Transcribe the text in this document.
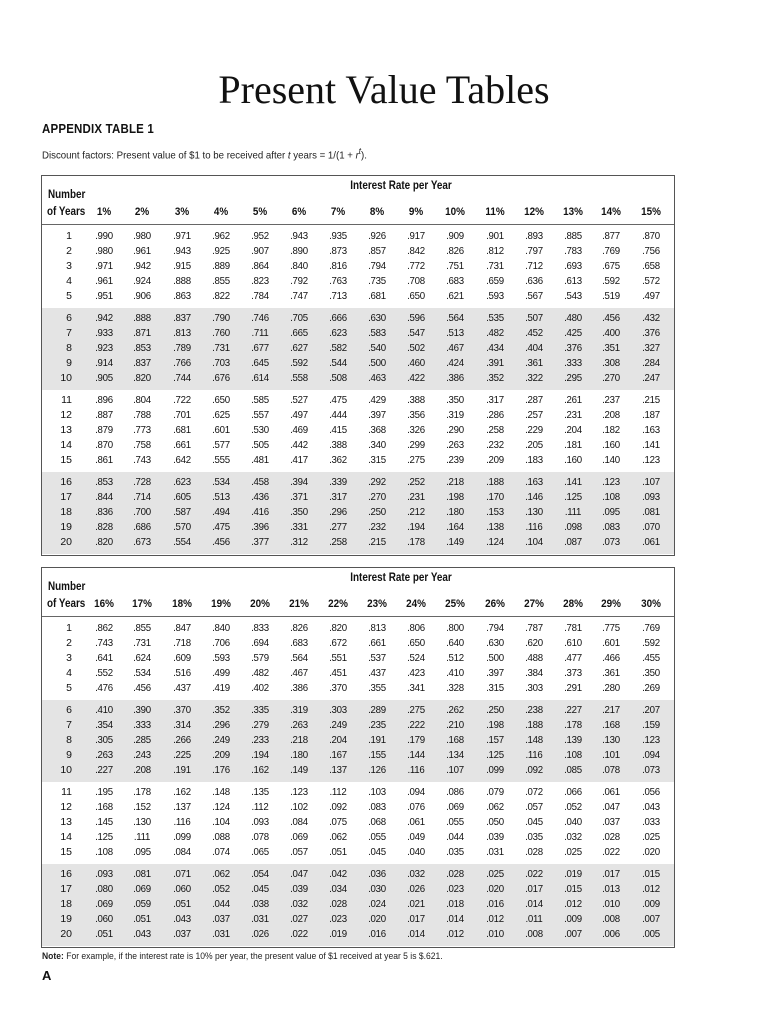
Present Value Tables
APPENDIX TABLE 1
Discount factors: Present value of $1 to be received after t years = $1/(1 + r^t)$.
Number
of Years
Interest Rate per Year
1%	2%	3%	4%	5%	6%	7%	8%	9%	10%	11%	12%	13%	14%	15%
1	.990	.980	.971	.962	.952	.943	.935	.926	.917	.909	.901	.893	.885	.877	.870
2	.980	.961	.943	.925	.907	.890	.873	.857	.842	.826	.812	.797	.783	.769	.756
3	.971	.942	.915	.889	.864	.840	.816	.794	.772	.751	.731	.712	.693	.675	.658
4	.961	.924	.888	.855	.823	.792	.763	.735	.708	.683	.659	.636	.613	.592	.572
5	.951	.906	.863	.822	.784	.747	.713	.681	.650	.621	.593	.567	.543	.519	.497
6	.942	.888	.837	.790	.746	.705	.666	.630	.596	.564	.535	.507	.480	.456	.432
7	.933	.871	.813	.760	.711	.665	.623	.583	.547	.513	.482	.452	.425	.400	.376
8	.923	.853	.789	.731	.677	.627	.582	.540	.502	.467	.434	.404	.376	.351	.327
9	.914	.837	.766	.703	.645	.592	.544	.500	.460	.424	.391	.361	.333	.308	.284
10	.905	.820	.744	.676	.614	.558	.508	.463	.422	.386	.352	.322	.295	.270	.247
11	.896	.804	.722	.650	.585	.527	.475	.429	.388	.350	.317	.287	.261	.237	.215
12	.887	.788	.701	.625	.557	.497	.444	.397	.356	.319	.286	.257	.231	.208	.187
13	.879	.773	.681	.601	.530	.469	.415	.368	.326	.290	.258	.229	.204	.182	.163
14	.870	.758	.661	.577	.505	.442	.388	.340	.299	.263	.232	.205	.181	.160	.141
15	.861	.743	.642	.555	.481	.417	.362	.315	.275	.239	.209	.183	.160	.140	.123
16	.853	.728	.623	.534	.458	.394	.339	.292	.252	.218	.188	.163	.141	.123	.107
17	.844	.714	.605	.513	.436	.371	.317	.270	.231	.198	.170	.146	.125	.108	.093
18	.836	.700	.587	.494	.416	.350	.296	.250	.212	.180	.153	.130	.111	.095	.081
19	.828	.686	.570	.475	.396	.331	.277	.232	.194	.164	.138	.116	.098	.083	.070
20	.820	.673	.554	.456	.377	.312	.258	.215	.178	.149	.124	.104	.087	.073	.061
Number
of Years
Interest Rate per Year
16%	17%	18%	19%	20%	21%	22%	23%	24%	25%	26%	27%	28%	29%	30%
1	.862	.855	.847	.840	.833	.826	.820	.813	.806	.800	.794	.787	.781	.775	.769
2	.743	.731	.718	.706	.694	.683	.672	.661	.650	.640	.630	.620	.610	.601	.592
3	.641	.624	.609	.593	.579	.564	.551	.537	.524	.512	.500	.488	.477	.466	.455
4	.552	.534	.516	.499	.482	.467	.451	.437	.423	.410	.397	.384	.373	.361	.350
5	.476	.456	.437	.419	.402	.386	.370	.355	.341	.328	.315	.303	.291	.280	.269
6	.410	.390	.370	.352	.335	.319	.303	.289	.275	.262	.250	.238	.227	.217	.207
7	.354	.333	.314	.296	.279	.263	.249	.235	.222	.210	.198	.188	.178	.168	.159
8	.305	.285	.266	.249	.233	.218	.204	.191	.179	.168	.157	.148	.139	.130	.123
9	.263	.243	.225	.209	.194	.180	.167	.155	.144	.134	.125	.116	.108	.101	.094
10	.227	.208	.191	.176	.162	.149	.137	.126	.116	.107	.099	.092	.085	.078	.073
11	.195	.178	.162	.148	.135	.123	.112	.103	.094	.086	.079	.072	.066	.061	.056
12	.168	.152	.137	.124	.112	.102	.092	.083	.076	.069	.062	.057	.052	.047	.043
13	.145	.130	.116	.104	.093	.084	.075	.068	.061	.055	.050	.045	.040	.037	.033
14	.125	.111	.099	.088	.078	.069	.062	.055	.049	.044	.039	.035	.032	.028	.025
15	.108	.095	.084	.074	.065	.057	.051	.045	.040	.035	.031	.028	.025	.022	.020
16	.093	.081	.071	.062	.054	.047	.042	.036	.032	.028	.025	.022	.019	.017	.015
17	.080	.069	.060	.052	.045	.039	.034	.030	.026	.023	.020	.017	.015	.013	.012
18	.069	.059	.051	.044	.038	.032	.028	.024	.021	.018	.016	.014	.012	.010	.009
19	.060	.051	.043	.037	.031	.027	.023	.020	.017	.014	.012	.011	.009	.008	.007
20	.051	.043	.037	.031	.026	.022	.019	.016	.014	.012	.010	.008	.007	.006	.005
Note: For example, if the interest rate is 10% per year, the present value of $1 received at year 5 is $.621.
A
